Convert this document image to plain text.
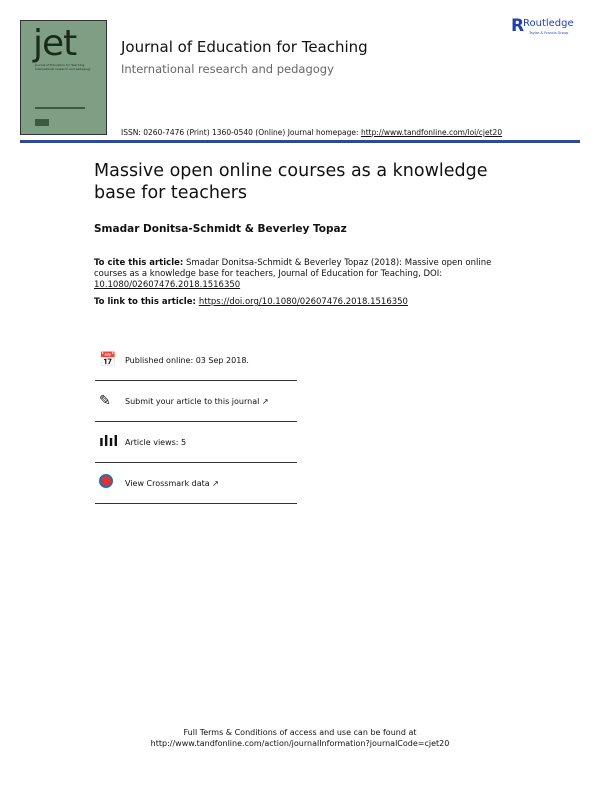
jet
Journal of Education for Teaching: International research and pedagogy
Journal of Education for Teaching
International research and pedagogy
R
Routledge
Taylor & Francis Group
ISSN: 0260-7476 (Print) 1360-0540 (Online) Journal homepage: http://www.tandfonline.com/loi/cjet20
Massive open online courses as a knowledge base for teachers
Smadar Donitsa-Schmidt & Beverley Topaz
To cite this article: Smadar Donitsa-Schmidt & Beverley Topaz (2018): Massive open online courses as a knowledge base for teachers, Journal of Education for Teaching, DOI: 10.1080/02607476.2018.1516350
To link to this article: https://doi.org/10.1080/02607476.2018.1516350
📅	Published online: 03 Sep 2018.
✎	Submit your article to this journal ↗
ılıl Article views: 5
View Crossmark data ↗
Full Terms & Conditions of access and use can be found at
http://www.tandfonline.com/action/journalInformation?journalCode=cjet20
